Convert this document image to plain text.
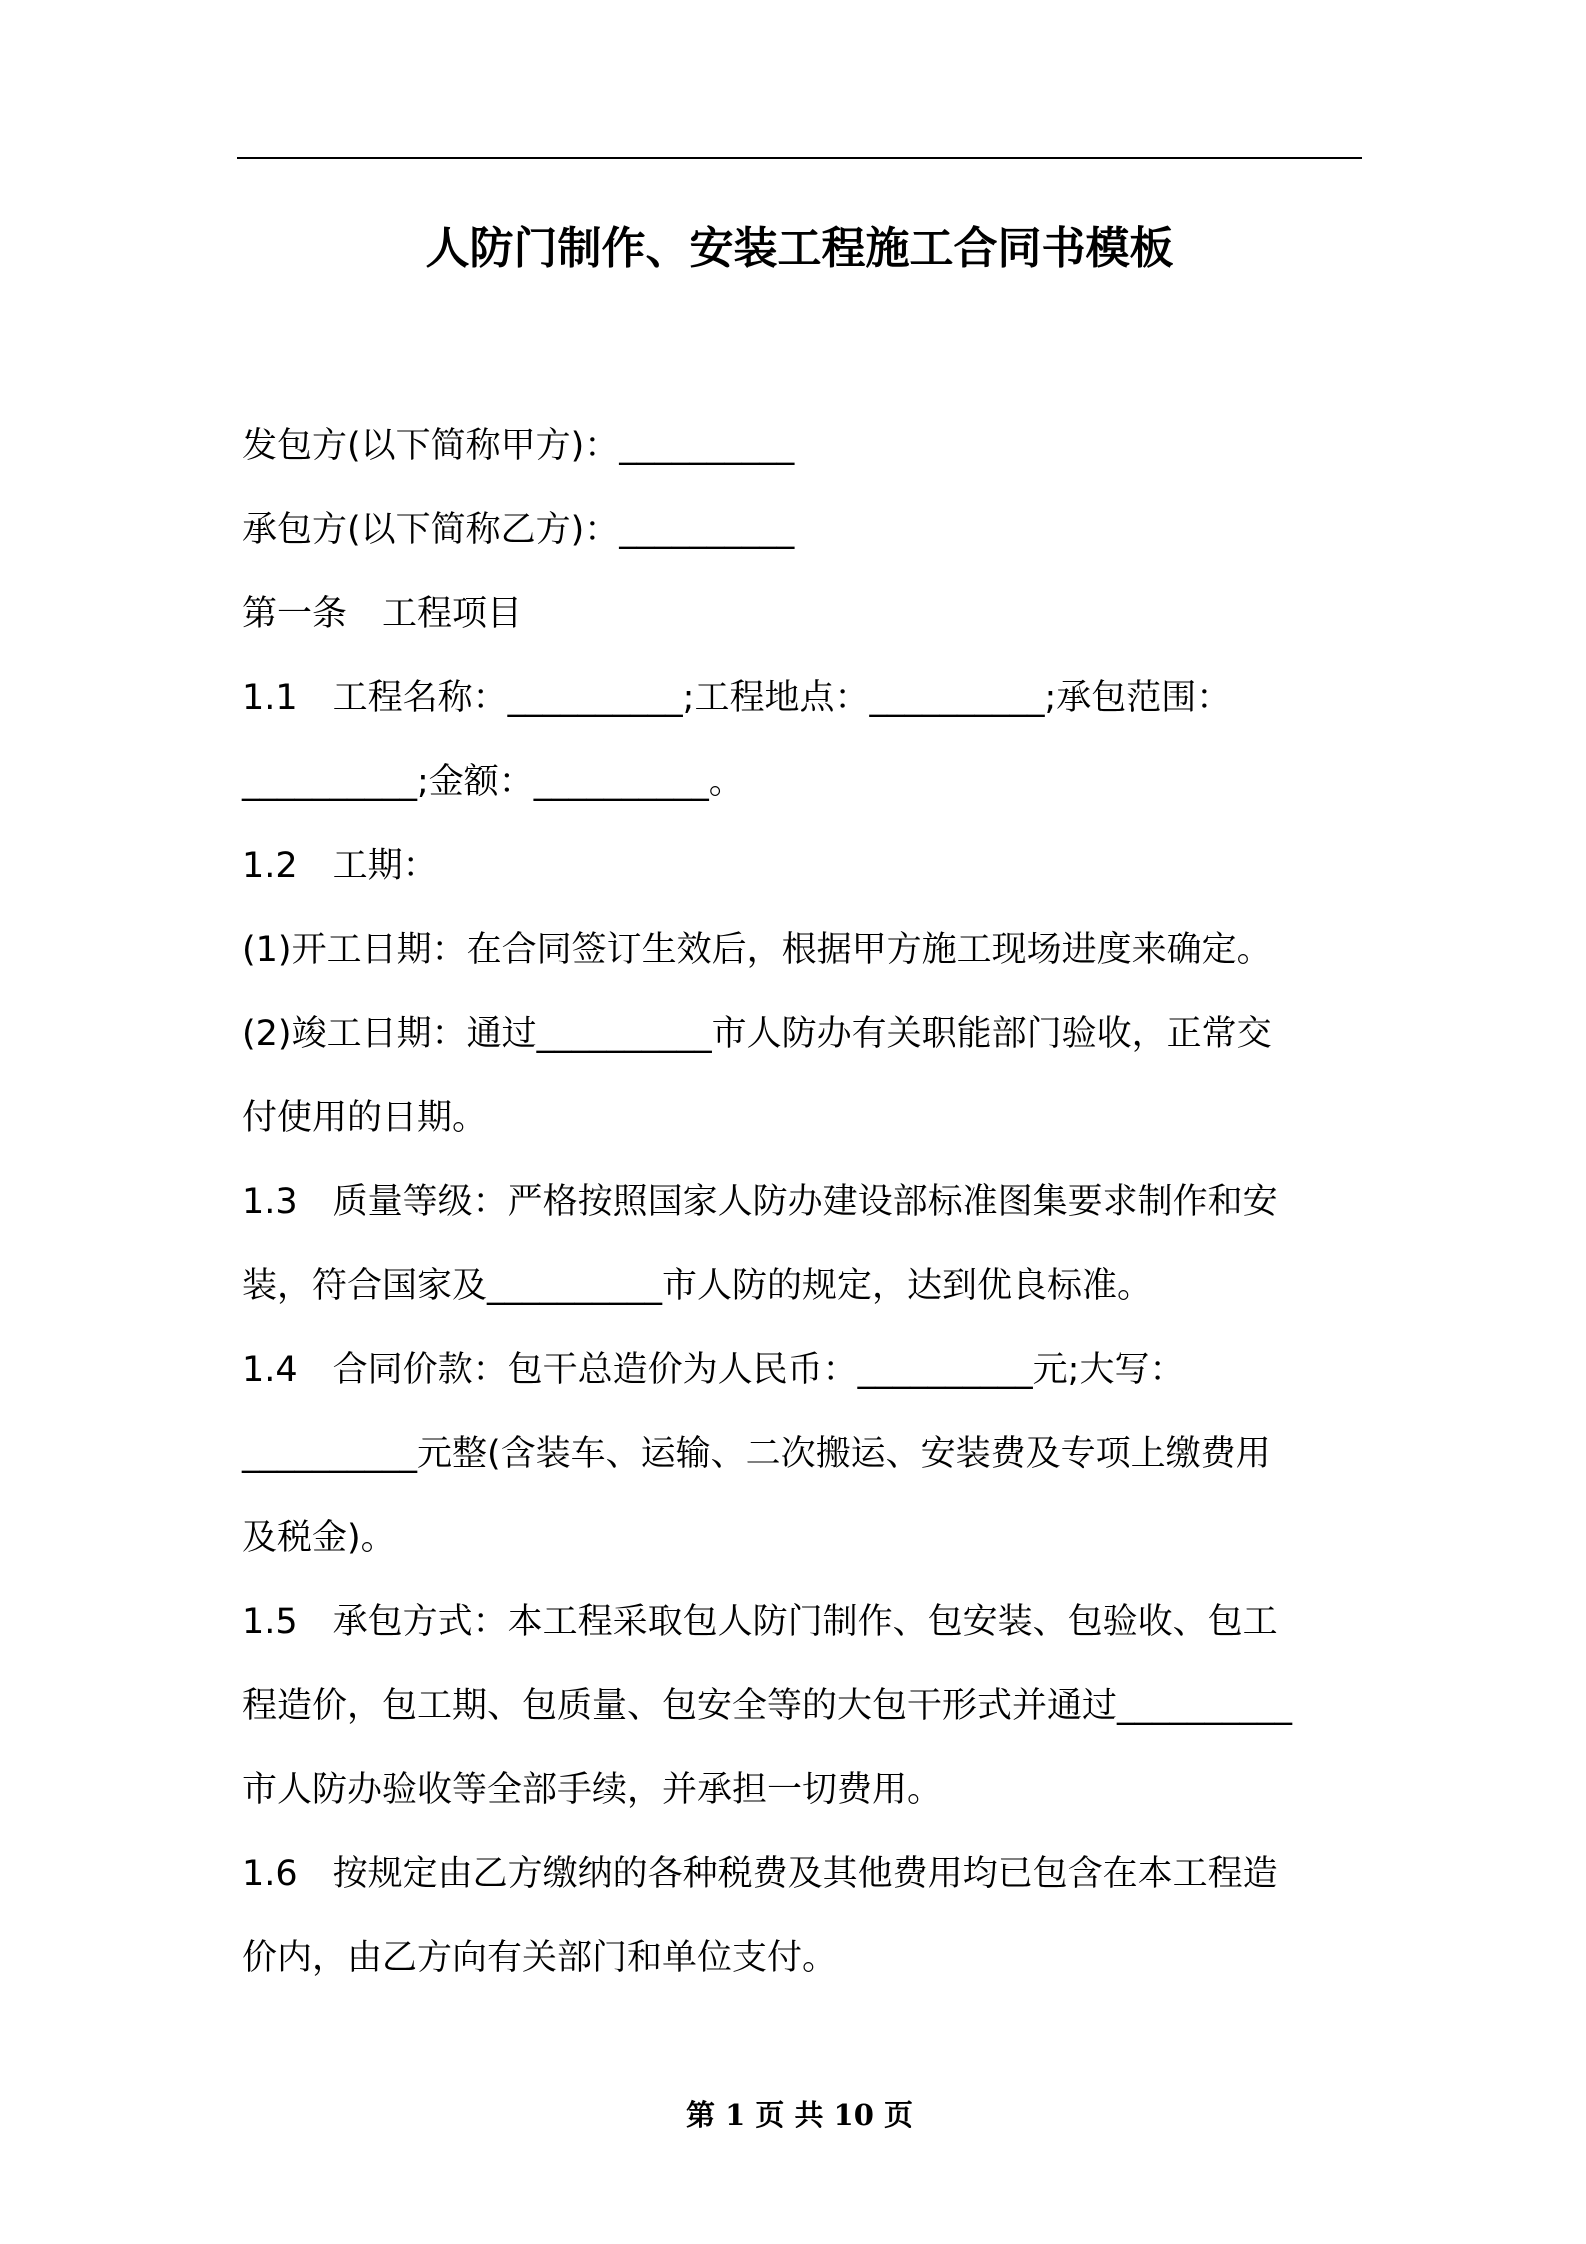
人防门制作、安装工程施工合同书模板
发包方(以下简称甲方)：__________
承包方(以下简称乙方)：__________
第一条　工程项目
1.1　工程名称：__________;工程地点：__________;承包范围：
__________;金额：__________。
1.2　工期：
(1)开工日期：在合同签订生效后，根据甲方施工现场进度来确定。
(2)竣工日期：通过__________市人防办有关职能部门验收，正常交
付使用的日期。
1.3　质量等级：严格按照国家人防办建设部标准图集要求制作和安
装，符合国家及__________市人防的规定，达到优良标准。
1.4　合同价款：包干总造价为人民币：__________元;大写：
__________元整(含装车、运输、二次搬运、安装费及专项上缴费用
及税金)。
1.5　承包方式：本工程采取包人防门制作、包安装、包验收、包工
程造价，包工期、包质量、包安全等的大包干形式并通过__________
市人防办验收等全部手续，并承担一切费用。
1.6　按规定由乙方缴纳的各种税费及其他费用均已包含在本工程造
价内，由乙方向有关部门和单位支付。
第 1 页 共 10 页
